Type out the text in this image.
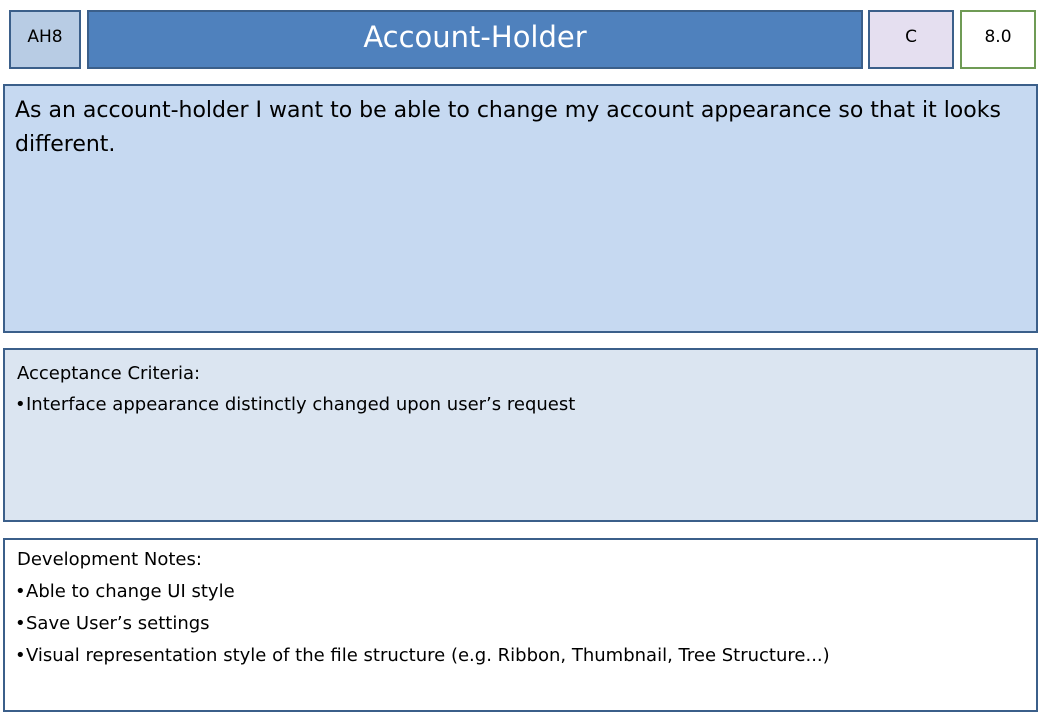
AH8	Account-Holder	C	8.0
As an account-holder I want to be able to change my account appearance so that it looks different.
Acceptance Criteria:
• Interface appearance distinctly changed upon user’s request
Development Notes:
• Able to change UI style
• Save User’s settings
• Visual representation style of the file structure (e.g. Ribbon, Thumbnail, Tree Structure...)
